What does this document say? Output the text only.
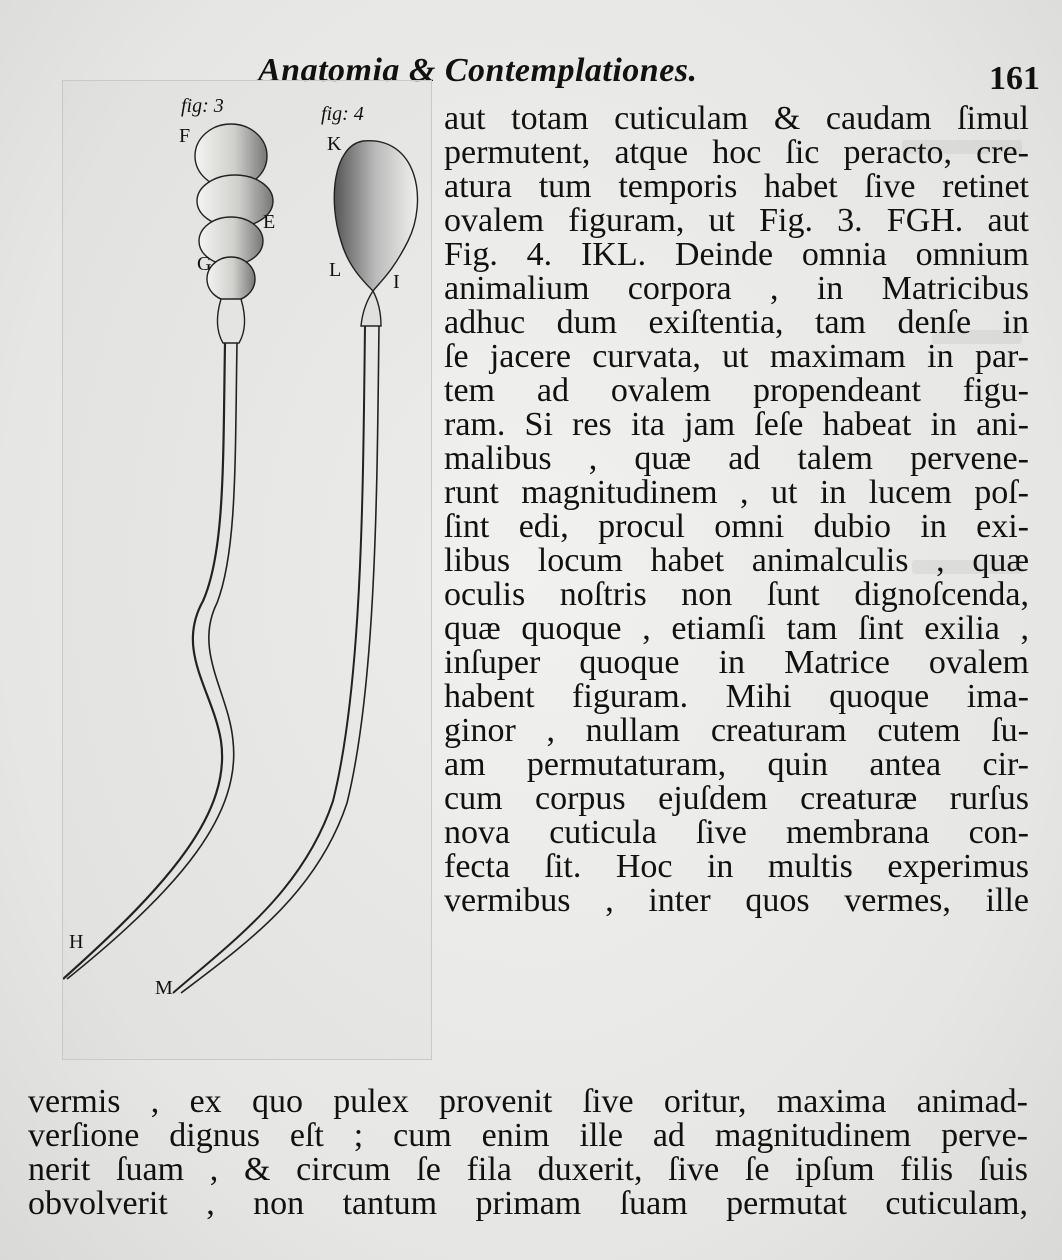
Anatomia & Contemplationes.	161
fig: 3	fig: 4
F
E
G
H
K
L
I
M
aut totam cuticulam & caudam ſimul
permutent, atque hoc ſic peracto, cre-
atura tum temporis habet ſive retinet
ovalem figuram, ut Fig. 3. FGH. aut
Fig. 4. IKL. Deinde omnia omnium
animalium corpora , in Matricibus
adhuc dum exiſtentia, tam denſe in
ſe jacere curvata, ut maximam in par-
tem ad ovalem propendeant figu-
ram. Si res ita jam ſeſe habeat in ani-
malibus , quæ ad talem pervene-
runt magnitudinem , ut in lucem poſ-
ſint edi, procul omni dubio in exi-
libus locum habet animalculis , quæ
oculis noſtris non ſunt dignoſcenda,
quæ quoque , etiamſi tam ſint exilia ,
inſuper quoque in Matrice ovalem
habent figuram. Mihi quoque ima-
ginor , nullam creaturam cutem ſu-
am permutaturam, quin antea cir-
cum corpus ejuſdem creaturæ rurſus
nova cuticula ſive membrana con-
fecta ſit. Hoc in multis experimus
vermibus , inter quos vermes, ille
vermis , ex quo pulex provenit ſive oritur, maxima animad-
verſione dignus eſt ; cum enim ille ad magnitudinem perve-
nerit ſuam , & circum ſe fila duxerit, ſive ſe ipſum filis ſuis
obvolverit , non tantum primam ſuam permutat cuticulam,
